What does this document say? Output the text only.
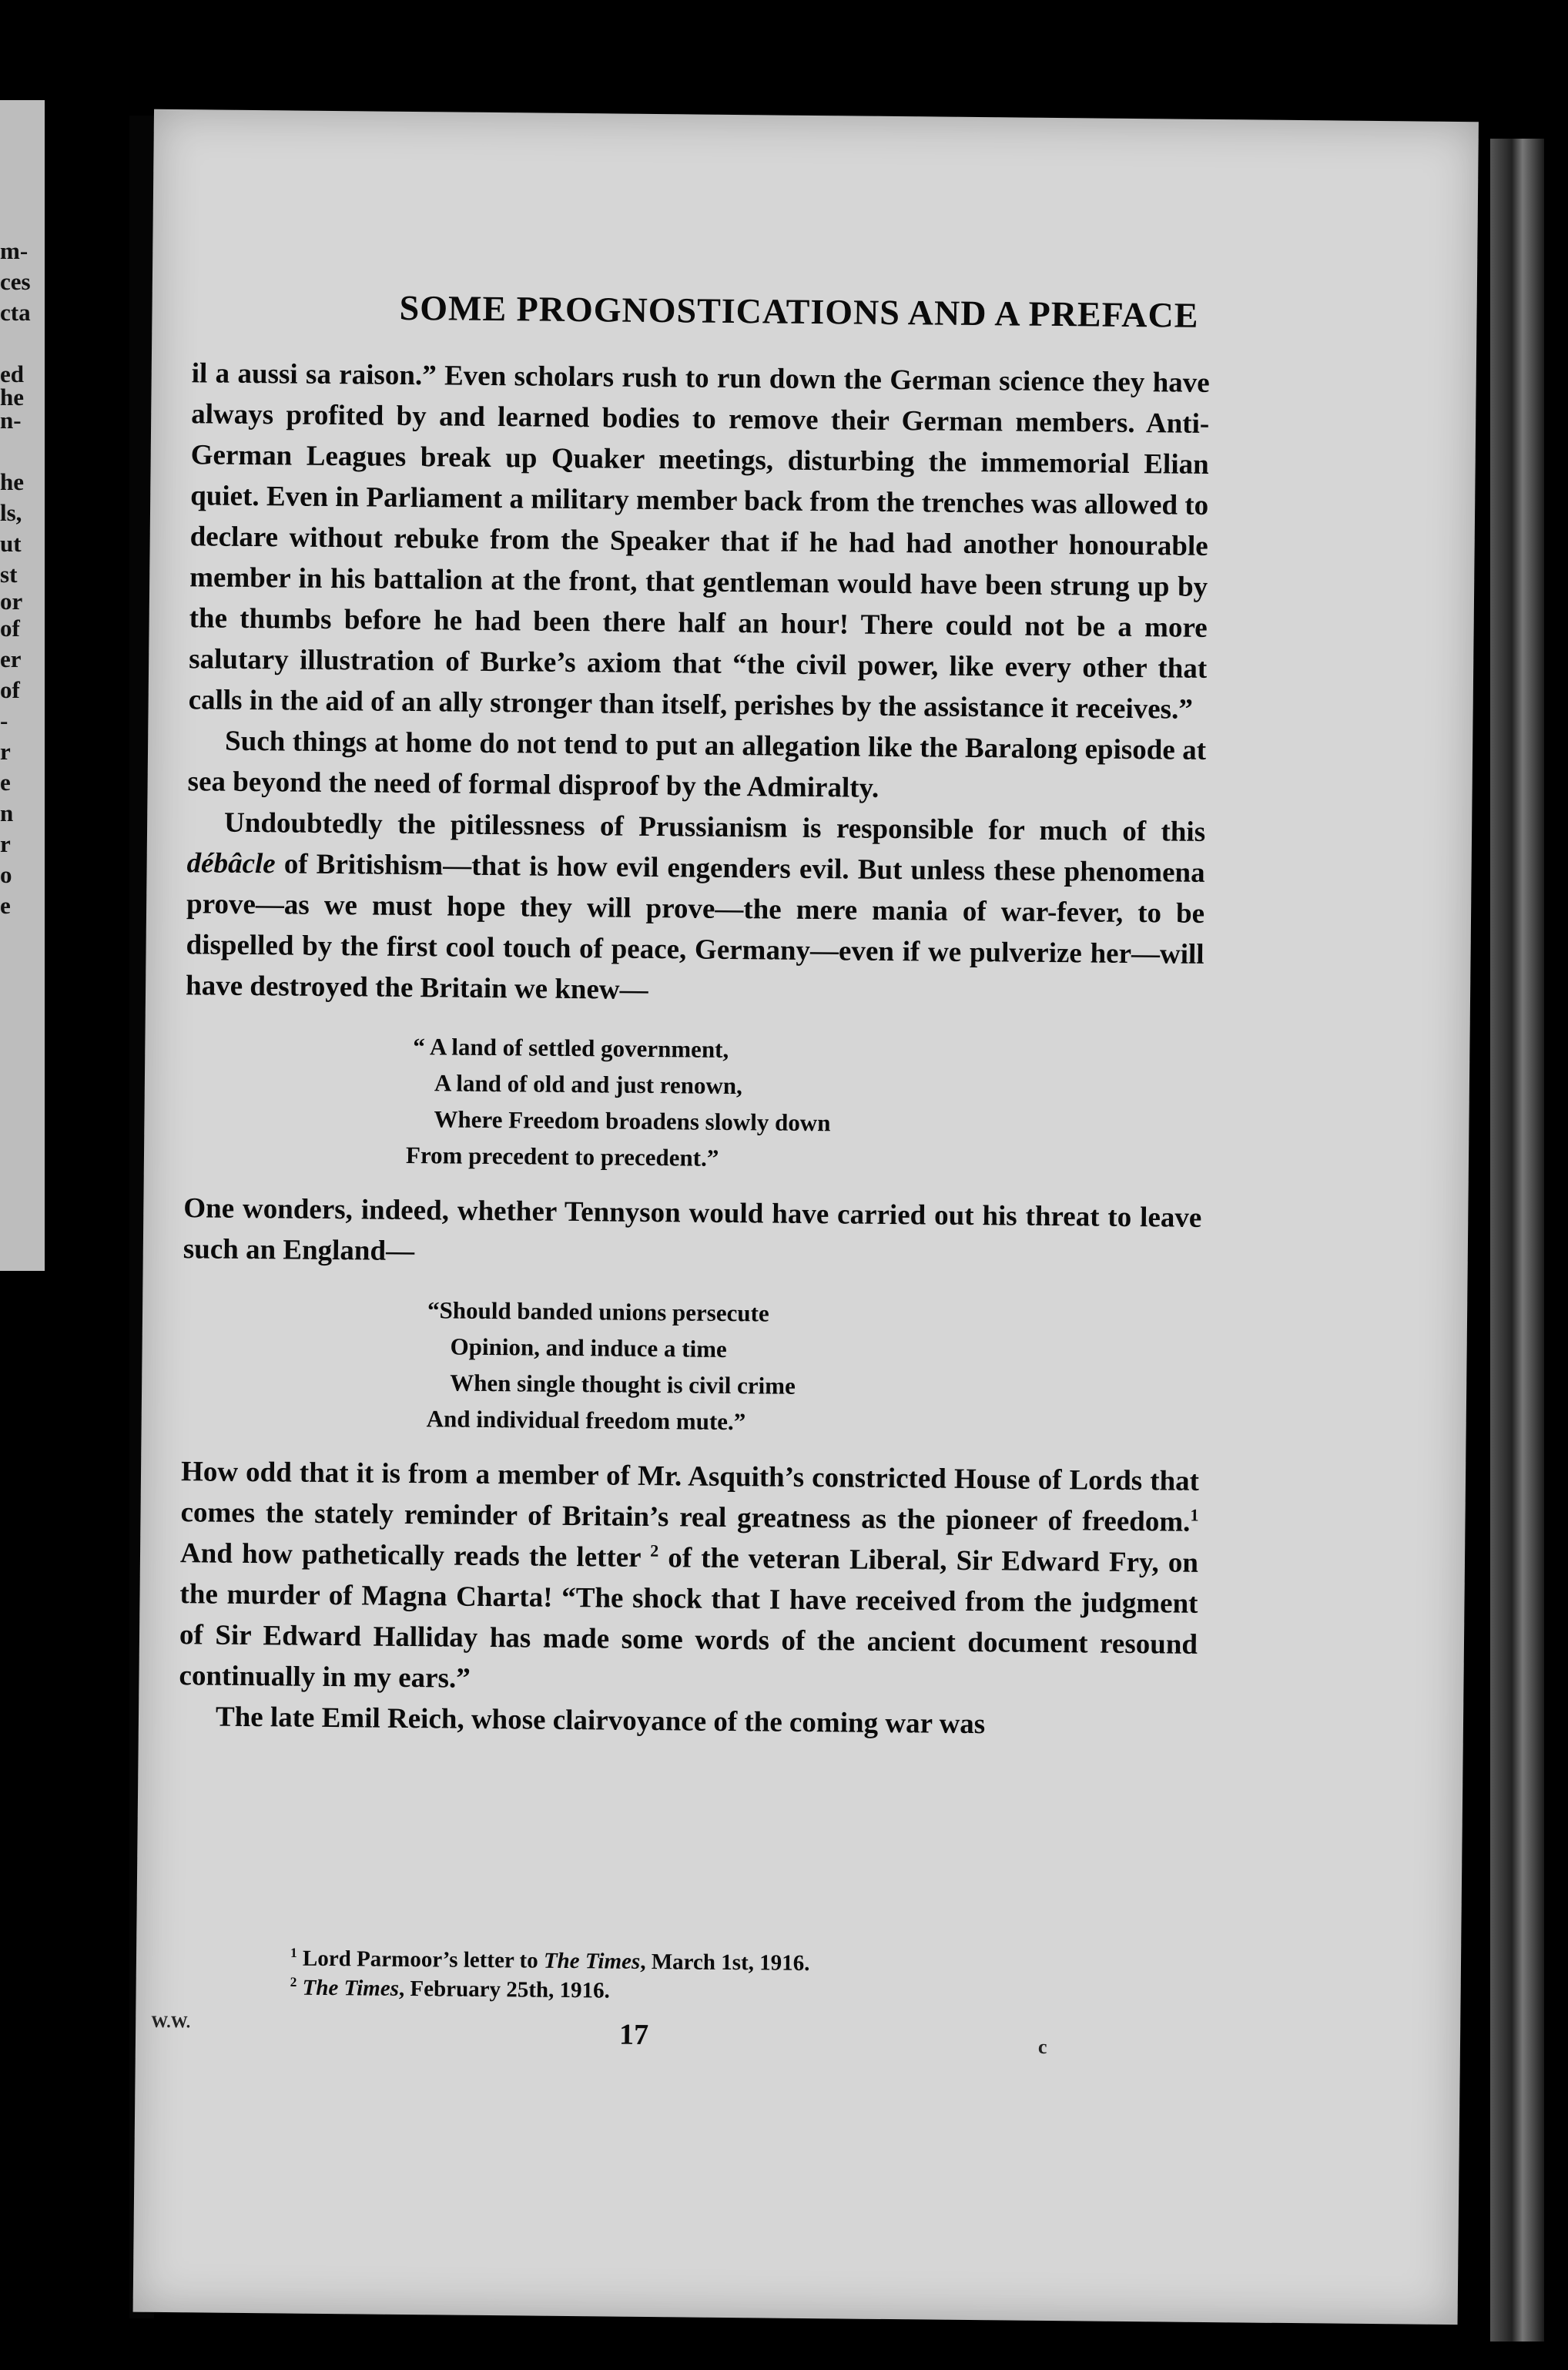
m-
ces
cta
ed
he
n-
he
ls,
ut
st
or
of
er
of
-
r
e
n
r
o
e
SOME PROGNOSTICATIONS AND A PREFACE

il a aussi sa raison.” Even scholars rush to run down the German science they have always profited by and learned bodies to remove their German members. Anti-German Leagues break up Quaker meetings, disturbing the immemorial Elian quiet. Even in Parliament a military member back from the trenches was allowed to declare without rebuke from the Speaker that if he had had another honourable member in his battalion at the front, that gentleman would have been strung up by the thumbs before he had been there half an hour! There could not be a more salutary illustration of Burke’s axiom that “the civil power, like every other that calls in the aid of an ally stronger than itself, perishes by the assistance it receives.”

Such things at home do not tend to put an allegation like the Baralong episode at sea beyond the need of formal disproof by the Admiralty.

Undoubtedly the pitilessness of Prussianism is responsible for much of this débâcle of Britishism—that is how evil engenders evil. But unless these phenomena prove—as we must hope they will prove—the mere mania of war-fever, to be dispelled by the first cool touch of peace, Germany—even if we pulverize her—will have destroyed the Britain we knew—

“ A land of settled government,
A land of old and just renown,
Where Freedom broadens slowly down
From precedent to precedent.”

One wonders, indeed, whether Tennyson would have carried out his threat to leave such an England—

“Should banded unions persecute
Opinion, and induce a time
When single thought is civil crime
And individual freedom mute.”

How odd that it is from a member of Mr. Asquith’s constricted House of Lords that comes the stately reminder of Britain’s real greatness as the pioneer of freedom.$^1$ And how pathetically reads the letter $^2$ of the veteran Liberal, Sir Edward Fry, on the murder of Magna Charta! “The shock that I have received from the judgment of Sir Edward Halliday has made some words of the ancient document resound continually in my ears.”

The late Emil Reich, whose clairvoyance of the coming war was

$^1$ Lord Parmoor’s letter to The Times, March 1st, 1916.
$^2$ The Times, February 25th, 1916.
W.W.	17	c
